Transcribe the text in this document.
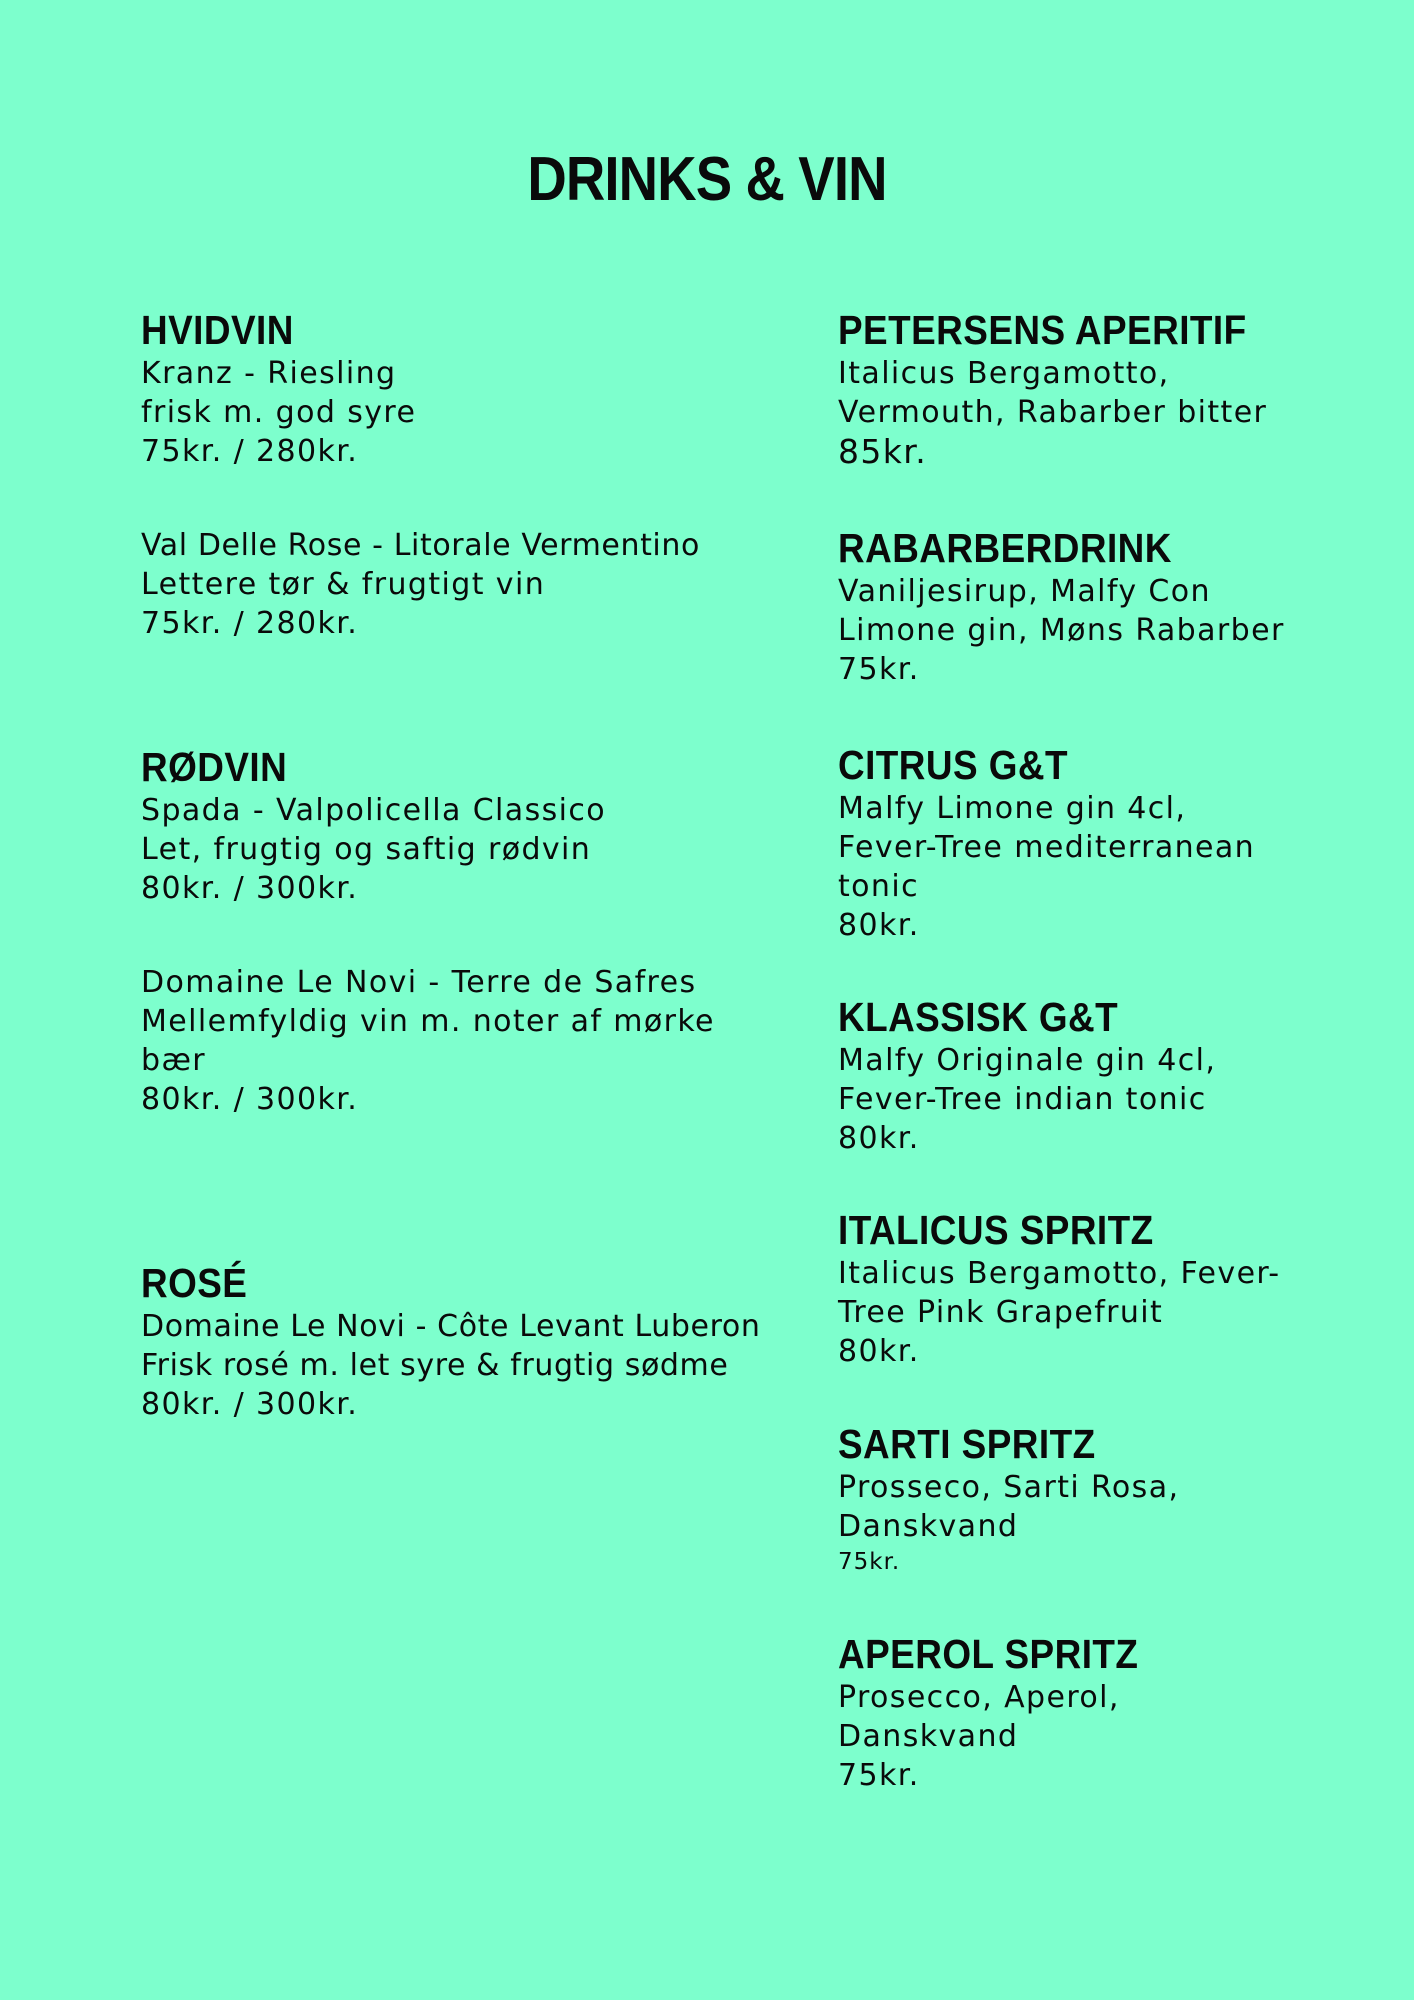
DRINKS & VIN
HVIDVIN
Kranz - Riesling
frisk m. god syre
75kr. / 280kr.
Val Delle Rose - Litorale Vermentino
Lettere tør & frugtigt vin
75kr. / 280kr.
RØDVIN
Spada - Valpolicella Classico
Let, frugtig og saftig rødvin
80kr. / 300kr.
Domaine Le Novi - Terre de Safres
Mellemfyldig vin m. noter af mørke
bær
80kr. / 300kr.
ROSÉ
Domaine Le Novi - Côte Levant Luberon
Frisk rosé m. let syre & frugtig sødme
80kr. / 300kr.
PETERSENS APERITIF
Italicus Bergamotto,
Vermouth, Rabarber bitter
85kr.
RABARBERDRINK
Vaniljesirup, Malfy Con
Limone gin, Møns Rabarber
75kr.
CITRUS G&T
Malfy Limone gin 4cl,
Fever-Tree mediterranean
tonic
80kr.
KLASSISK G&T
Malfy Originale gin 4cl,
Fever-Tree indian tonic
80kr.
ITALICUS SPRITZ
Italicus Bergamotto, Fever-
Tree Pink Grapefruit
80kr.
SARTI SPRITZ
Prosseco, Sarti Rosa,
Danskvand
75kr.
APEROL SPRITZ
Prosecco, Aperol,
Danskvand
75kr.
